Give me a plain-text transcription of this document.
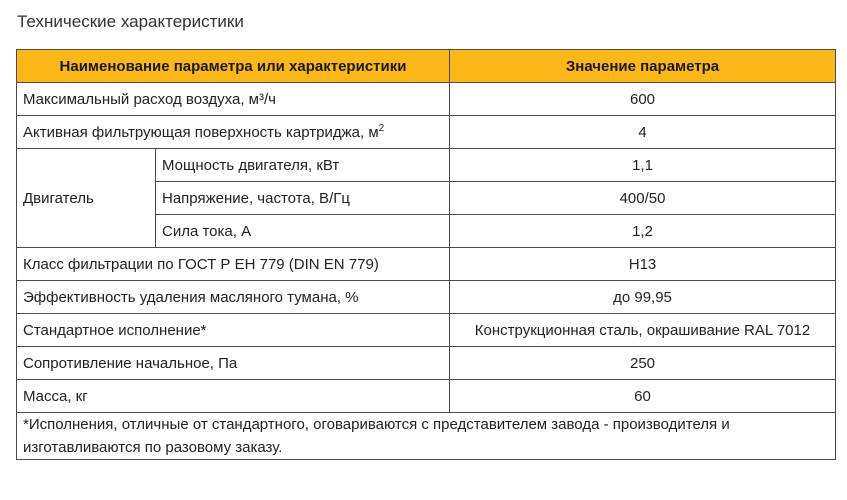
Технические характеристики
Наименование параметра или характеристики		Значение параметра
Максимальный расход воздуха, м³/ч		600
Активная фильтрующая поверхность картриджа, $м^2$		4
Двигатель	Мощность двигателя, кВт	1,1
	Напряжение, частота, В/Гц	400/50
	Сила тока, А	1,2
Класс фильтрации по ГОСТ Р ЕН 779 (DIN EN 779)		H13
Эффективность удаления масляного тумана, %		до 99,95
Стандартное исполнение*		Конструкционная сталь, окрашивание RAL 7012
Сопротивление начальное, Па		250
Масса, кг		60
*Исполнения, отличные от стандартного, оговариваются с представителем завода - производителя и изготавливаются по разовому заказу.		
